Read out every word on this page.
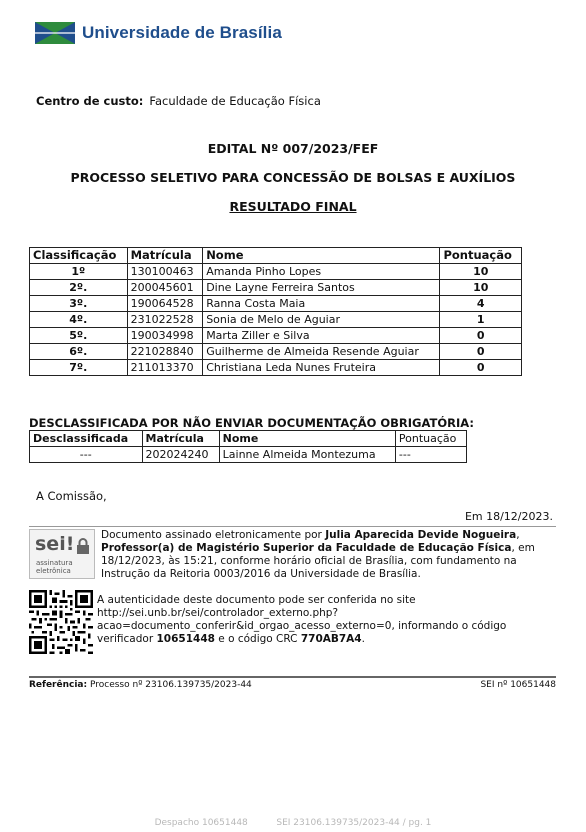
Universidade de Brasília
Centro de custo: Faculdade de Educação Física
EDITAL Nº 007/2023/FEF
PROCESSO SELETIVO PARA CONCESSÃO DE BOLSAS E AUXÍLIOS
RESULTADO FINAL
Classificação	Matrícula	Nome	Pontuação
1º	130100463	Amanda Pinho Lopes	10
2º.	200045601	Dine Layne Ferreira Santos	10
3º.	190064528	Ranna Costa Maia	4
4º.	231022528	Sonia de Melo de Aguiar	1
5º.	190034998	Marta Ziller e Silva	0
6º.	221028840	Guilherme de Almeida Resende Aguiar	0
7º.	211013370	Christiana Leda Nunes Fruteira	0
DESCLASSIFICADA POR NÃO ENVIAR DOCUMENTAÇÃO OBRIGATÓRIA:
Desclassificada	Matrícula	Nome	Pontuação
---	202024240	Lainne Almeida Montezuma	---
A Comissão,
Em 18/12/2023.
sei!
assinatura
eletrônica
Documento assinado eletronicamente por Julia Aparecida Devide Nogueira, Professor(a) de Magistério Superior da Faculdade de Educação Física, em 18/12/2023, às 15:21, conforme horário oficial de Brasília, com fundamento na Instrução da Reitoria 0003/2016 da Universidade de Brasília.
A autenticidade deste documento pode ser conferida no site http://sei.unb.br/sei/controlador_externo.php?acao=documento_conferir&id_orgao_acesso_externo=0, informando o código verificador 10651448 e o código CRC 770AB7A4.
Referência: Processo nº 23106.139735/2023-44	SEI nº 10651448
Despacho 10651448          SEI 23106.139735/2023-44 / pg. 1
